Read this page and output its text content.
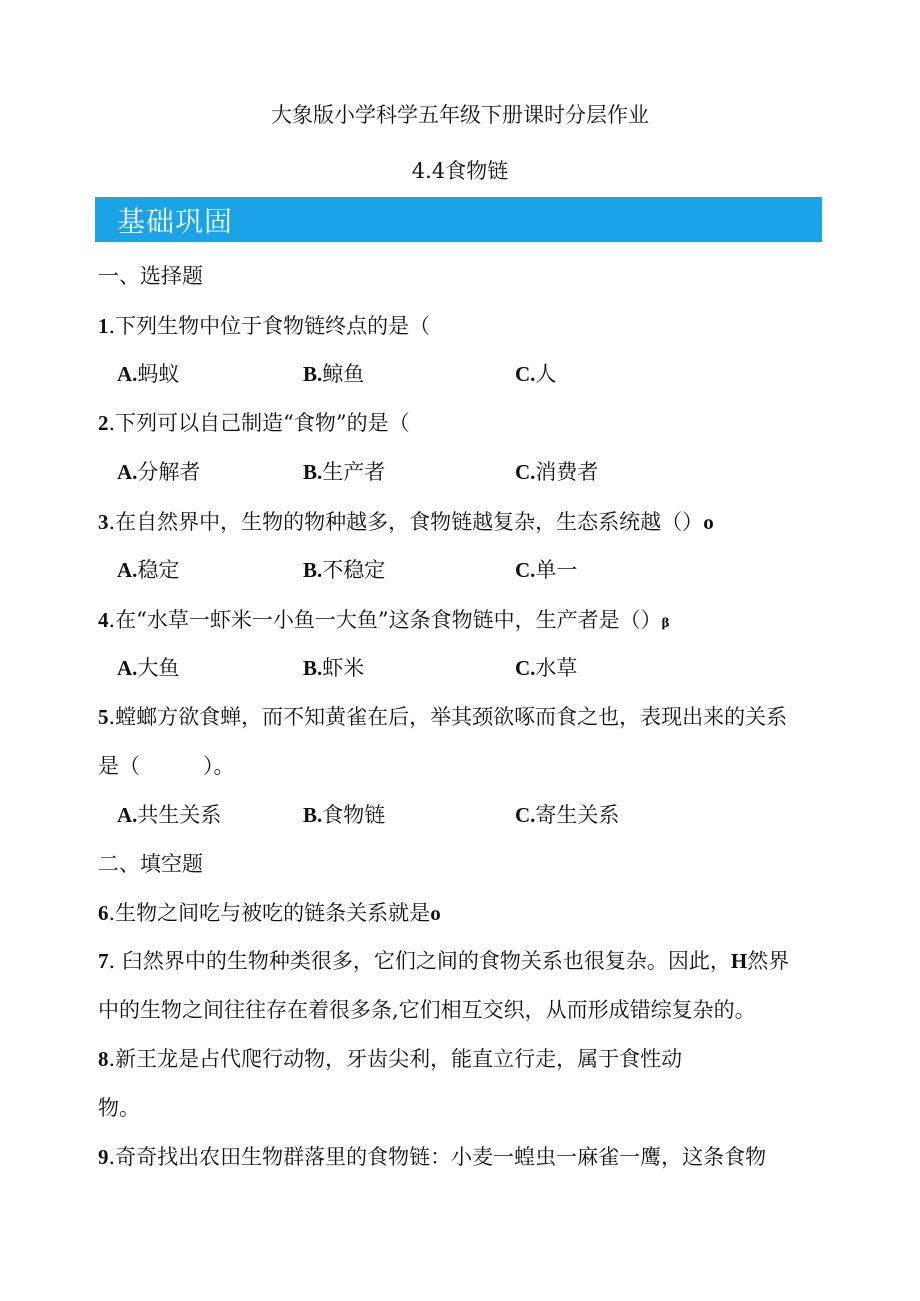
大象版小学科学五年级下册课时分层作业
4.4食物链
基础巩固
一、选择题
1.下列生物中位于食物链终点的是（
A.蚂蚁	B.鲸鱼	C.人
2.下列可以自己制造“食物”的是（
A.分解者	B.生产者	C.消费者
3.在自然界中，生物的物种越多，食物链越复杂，生态系统越（）o
A.稳定	B.不稳定	C.单一
4.在“水草一虾米一小鱼一大鱼”这条食物链中，生产者是（）β
A.大鱼	B.虾米	C.水草
5.螳螂方欲食蝉，而不知黄雀在后，举其颈欲啄而食之也，表现出来的关系
是（　　　）。
A.共生关系	B.食物链	C.寄生关系
二、填空题
6.生物之间吃与被吃的链条关系就是o
7. 臼然界中的生物种类很多，它们之间的食物关系也很复杂。因此，H然界
中的生物之间往往存在着很多条,它们相互交织，从而形成错综复杂的。
8.新王龙是占代爬行动物，牙齿尖利，能直立行走，属于食性动
物。
9.奇奇找出农田生物群落里的食物链：小麦一蝗虫一麻雀一鹰，这条食物
